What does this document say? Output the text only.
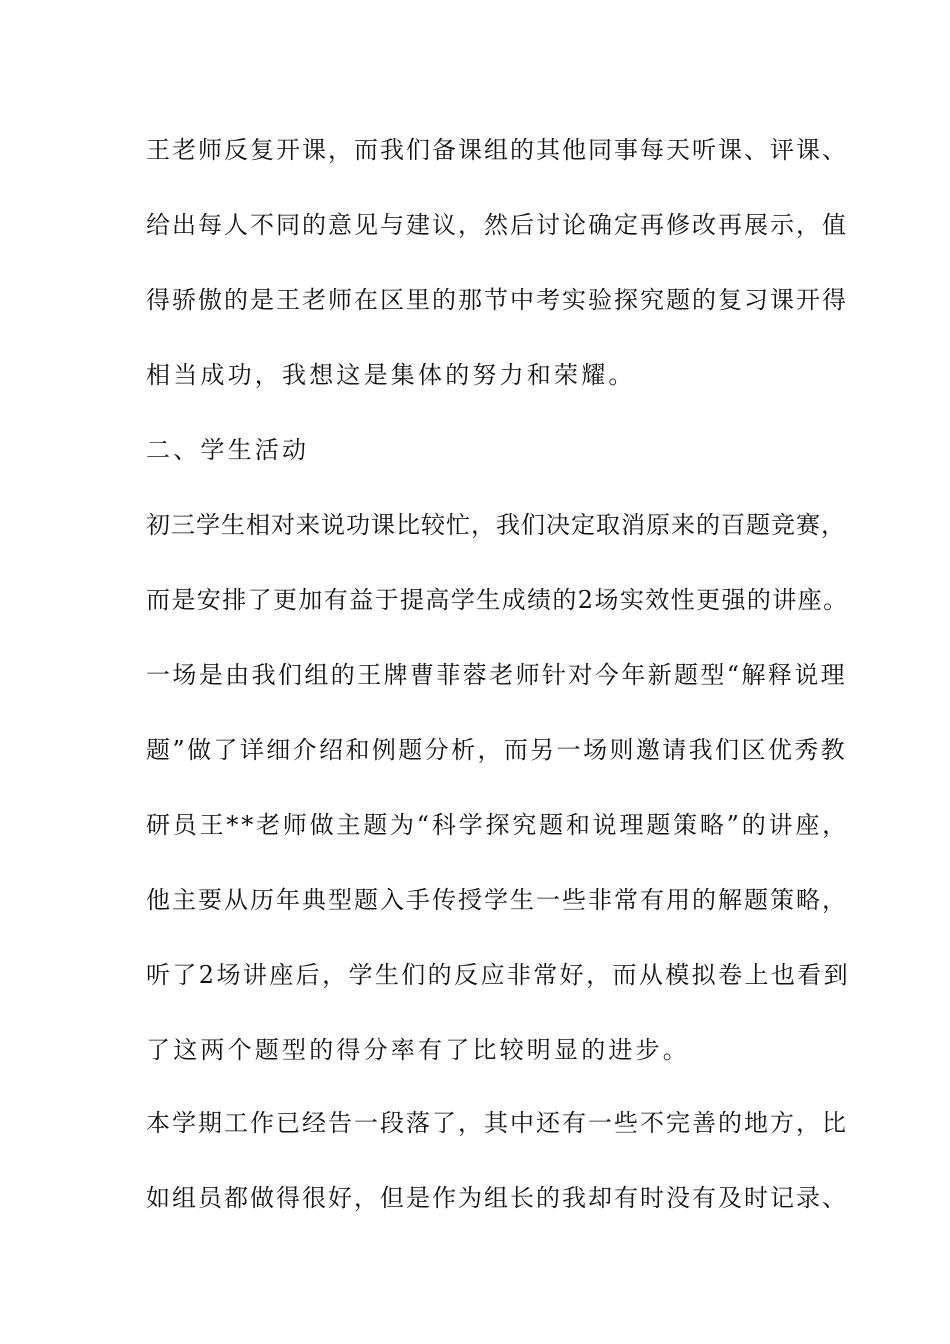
王老师反复开课，而我们备课组的其他同事每天听课、评课、
给出每人不同的意见与建议，然后讨论确定再修改再展示，值
得骄傲的是王老师在区里的那节中考实验探究题的复习课开得
相当成功，我想这是集体的努力和荣耀。
二、学生活动
初三学生相对来说功课比较忙，我们决定取消原来的百题竞赛，
而是安排了更加有益于提高学生成绩的2场实效性更强的讲座。
一场是由我们组的王牌曹菲蓉老师针对今年新题型“解释说理
题”做了详细介绍和例题分析，而另一场则邀请我们区优秀教
研员王**老师做主题为“科学探究题和说理题策略”的讲座，
他主要从历年典型题入手传授学生一些非常有用的解题策略，
听了2场讲座后，学生们的反应非常好，而从模拟卷上也看到
了这两个题型的得分率有了比较明显的进步。
本学期工作已经告一段落了，其中还有一些不完善的地方，比
如组员都做得很好，但是作为组长的我却有时没有及时记录、
